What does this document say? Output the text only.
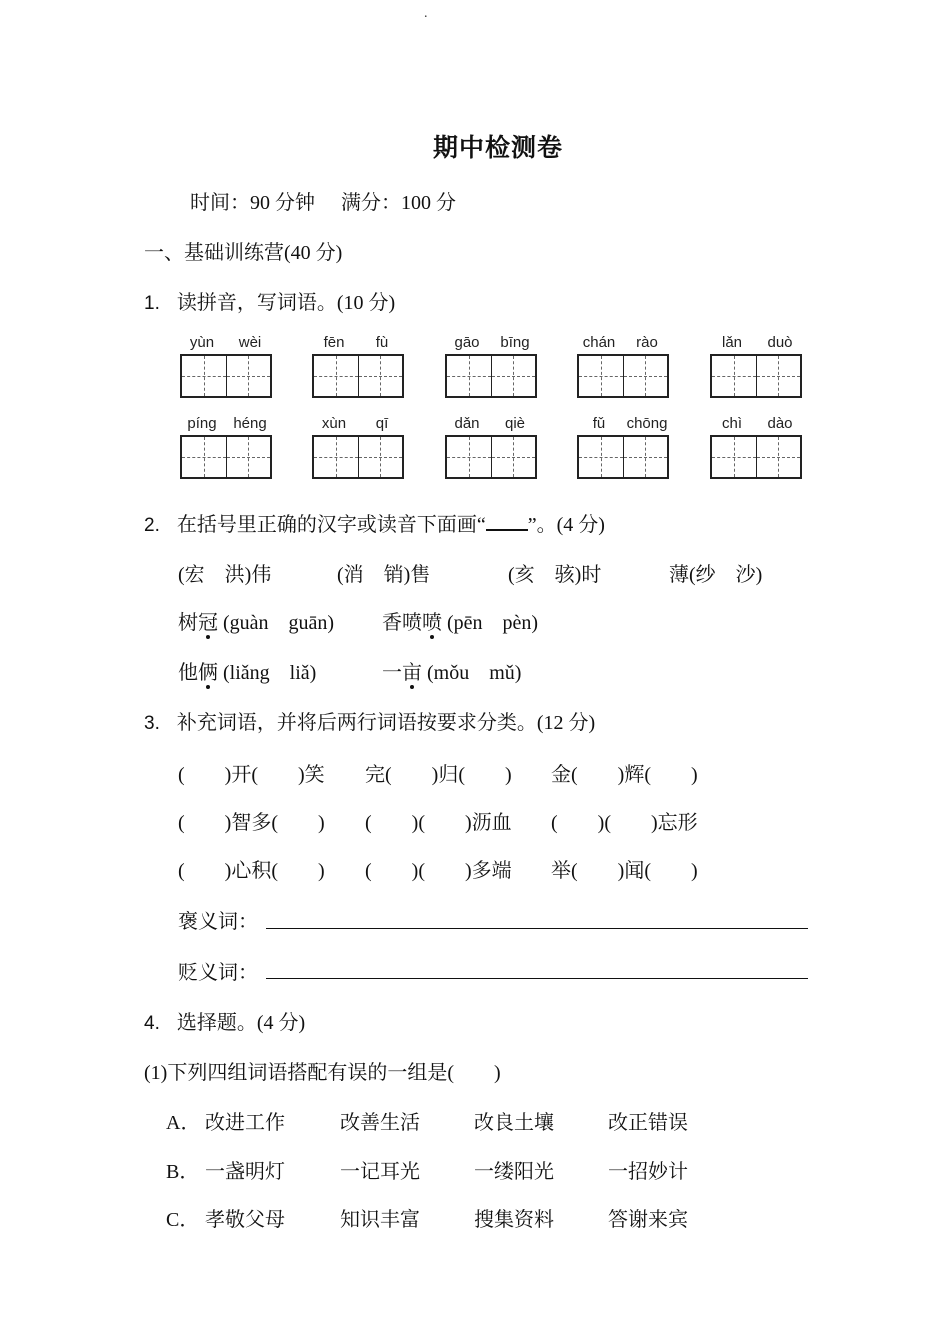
.
期中检测卷
时间：90 分钟 满分：100 分
一、基础训练营(40 分)
1. 读拼音，写词语。(10 分)
yùn	wèi	fēn	fù	gāo	bīng	chán	rào	lǎn	duò
píng	héng	xùn	qī	dǎn	qiè	fǔ	chōng	chì	dào
2. 在括号里正确的汉字或读音下面画“ ”。(4 分)
(宏　洪)伟	(消　销)售	(亥　骇)时	薄(纱　沙)
树冠 (guàn　guān) 香喷喷 (pēn　pèn)
他俩 (liǎng　liǎ)	一亩 (mǒu　mǔ)
3. 补充词语，并将后两行词语按要求分类。(12 分)
(　　)开(　　)笑 完(　　)归(　　) 金(　　)辉(　　)
(　　)智多(　　) (　　)(　　)沥血 (　　)(　　)忘形
(　　)心积(　　) (　　)(　　)多端 举(　　)闻(　　)
褒义词：
贬义词：
4. 选择题。(4 分)
(1)下列四组词语搭配有误的一组是(　　)
A． 改进工作	改善生活	改良土壤	改正错误
B． 一盏明灯	一记耳光	一缕阳光	一招妙计
C． 孝敬父母	知识丰富	搜集资料	答谢来宾
